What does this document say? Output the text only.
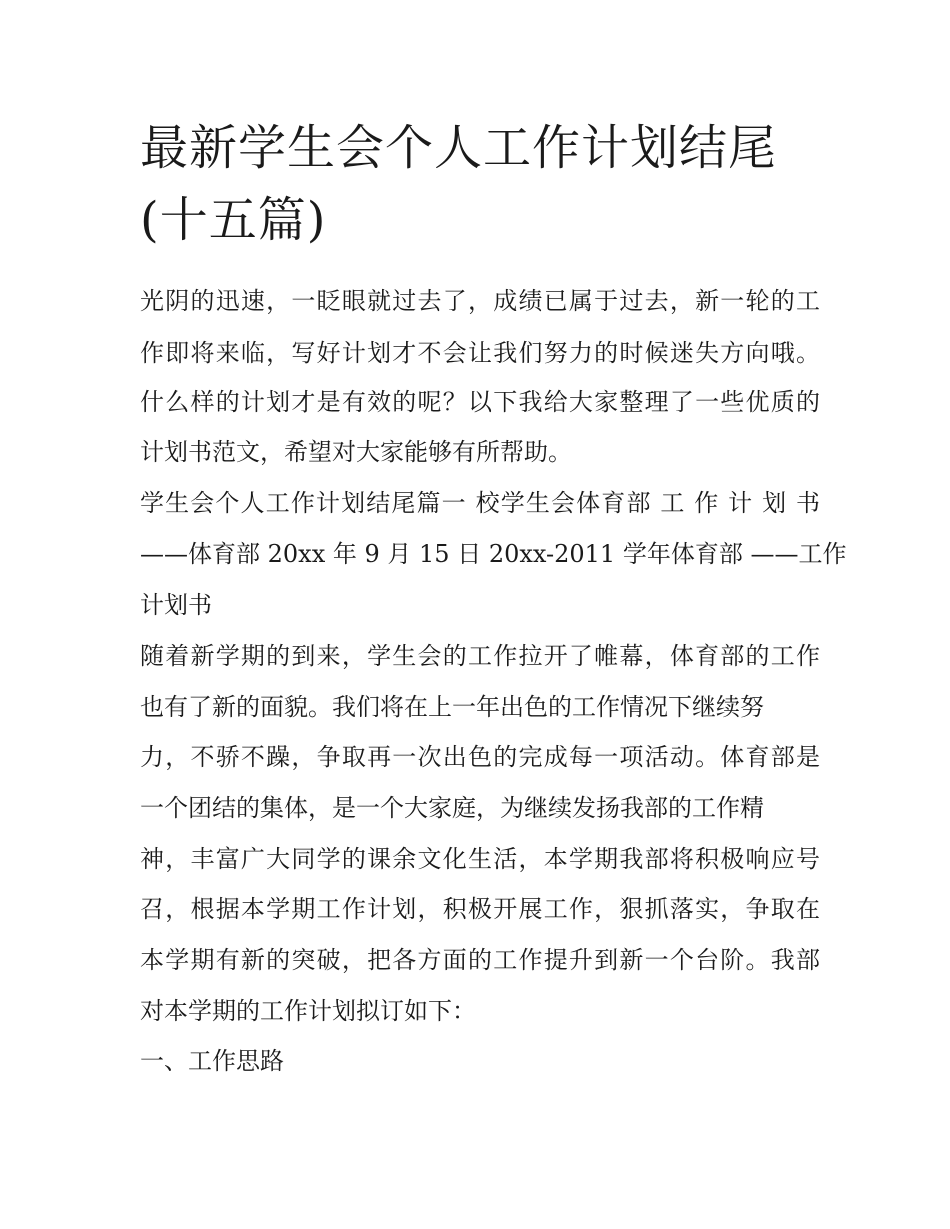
最新学生会个人工作计划结尾
(十五篇)

光阴的迅速，一眨眼就过去了，成绩已属于过去，新一轮的工

作即将来临，写好计划才不会让我们努力的时候迷失方向哦。

什么样的计划才是有效的呢？以下我给大家整理了一些优质的

计划书范文，希望对大家能够有所帮助。

学生会个人工作计划结尾篇一 校学生会体育部 工 作 计 划 书

——体育部 20xx 年 9 月 15 日 20xx-2011 学年体育部 ——工作

计划书

随着新学期的到来，学生会的工作拉开了帷幕，体育部的工作

也有了新的面貌。我们将在上一年出色的工作情况下继续努

力，不骄不躁，争取再一次出色的完成每一项活动。体育部是

一个团结的集体，是一个大家庭，为继续发扬我部的工作精

神，丰富广大同学的课余文化生活，本学期我部将积极响应号

召，根据本学期工作计划，积极开展工作，狠抓落实，争取在

本学期有新的突破，把各方面的工作提升到新一个台阶。我部

对本学期的工作计划拟订如下：

一、工作思路
